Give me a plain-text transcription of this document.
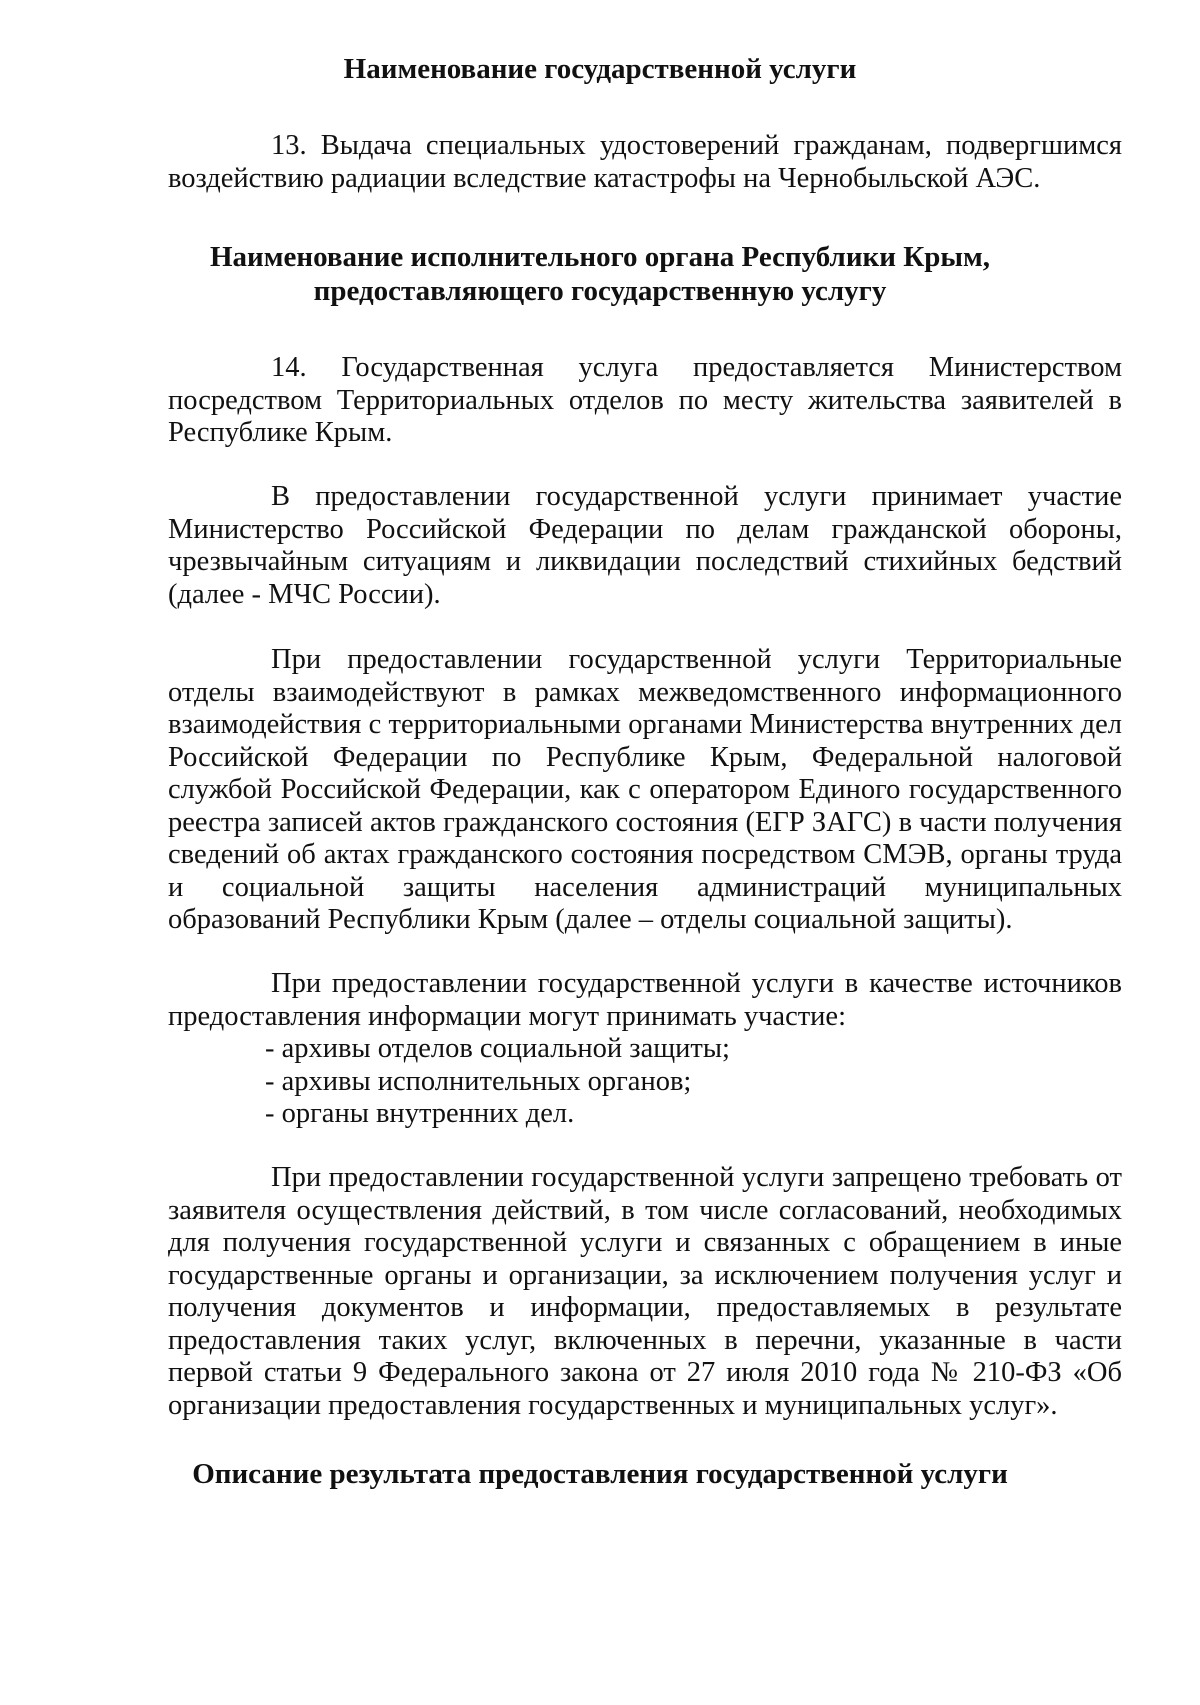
Наименование государственной услуги

13. Выдача специальных удостоверений гражданам, подвергшимся воздействию радиации вследствие катастрофы на Чернобыльской АЭС.

Наименование исполнительного органа Республики Крым,
предоставляющего государственную услугу

14. Государственная услуга предоставляется Министерством посредством Территориальных отделов по месту жительства заявителей в Республике Крым.

В предоставлении государственной услуги принимает участие Министерство Российской Федерации по делам гражданской обороны, чрезвычайным ситуациям и ликвидации последствий стихийных бедствий (далее - МЧС России).

При предоставлении государственной услуги Территориальные отделы взаимодействуют в рамках межведомственного информационного взаимодействия с территориальными органами Министерства внутренних дел Российской Федерации по Республике Крым, Федеральной налоговой службой Российской Федерации, как с оператором Единого государственного реестра записей актов гражданского состояния (ЕГР ЗАГС) в части получения сведений об актах гражданского состояния посредством СМЭВ, органы труда и социальной защиты населения администраций муниципальных образований Республики Крым (далее – отделы социальной защиты).

При предоставлении государственной услуги в качестве источников предоставления информации могут принимать участие:

- архивы отделов социальной защиты;
- архивы исполнительных органов;
- органы внутренних дел.

При предоставлении государственной услуги запрещено требовать от заявителя осуществления действий, в том числе согласований, необходимых для получения государственной услуги и связанных с обращением в иные государственные органы и организации, за исключением получения услуг и получения документов и информации, предоставляемых в результате предоставления таких услуг, включенных в перечни, указанные в части первой статьи 9 Федерального закона от 27 июля 2010 года № 210-ФЗ «Об организации предоставления государственных и муниципальных услуг».

Описание результата предоставления государственной услуги
